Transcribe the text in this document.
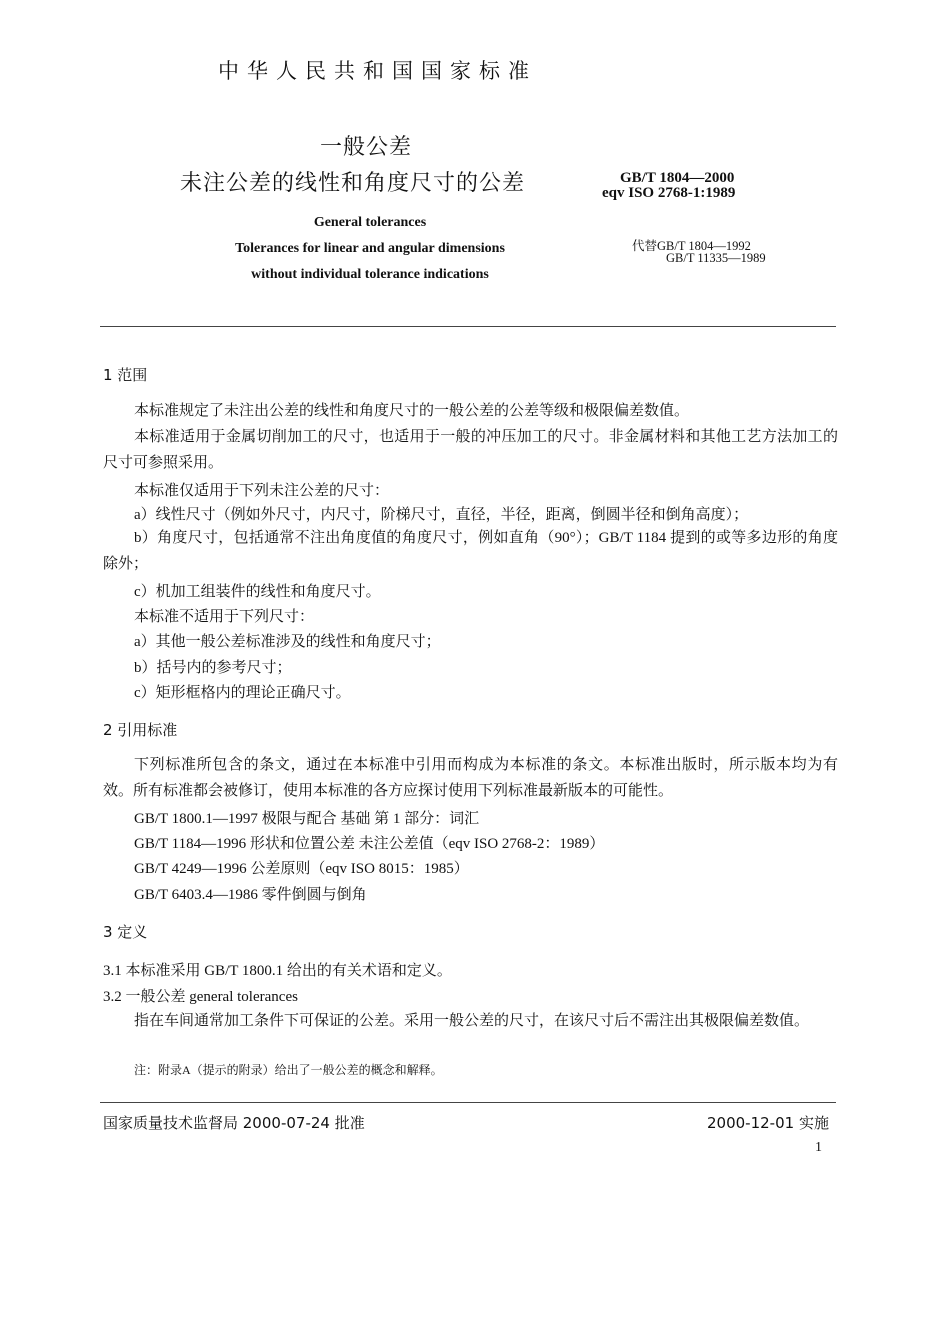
中华人民共和国国家标准
一般公差
未注公差的线性和角度尺寸的公差	GB/T 1804—2000
eqv ISO 2768-1:1989
General tolerances
Tolerances for linear and angular dimensions
without individual tolerance indications
代替GB/T 1804—1992
GB/T 11335—1989
1 范围
本标准规定了未注出公差的线性和角度尺寸的一般公差的公差等级和极限偏差数值。
本标准适用于金属切削加工的尺寸，也适用于一般的冲压加工的尺寸。非金属材料和其他工艺方法加工的尺寸可参照采用。
本标准仅适用于下列未注公差的尺寸：
a）线性尺寸（例如外尺寸，内尺寸，阶梯尺寸，直径，半径，距离，倒圆半径和倒角高度）；
b）角度尺寸，包括通常不注出角度值的角度尺寸，例如直角（90°）；GB/T 1184 提到的或等多边形的角度除外；
c）机加工组装件的线性和角度尺寸。
本标准不适用于下列尺寸：
a）其他一般公差标准涉及的线性和角度尺寸；
b）括号内的参考尺寸；
c）矩形框格内的理论正确尺寸。
2 引用标准
下列标准所包含的条文，通过在本标准中引用而构成为本标准的条文。本标准出版时，所示版本均为有效。所有标准都会被修订，使用本标准的各方应探讨使用下列标准最新版本的可能性。
GB/T 1800.1—1997 极限与配合 基础 第 1 部分：词汇
GB/T 1184—1996 形状和位置公差 未注公差值（eqv ISO 2768-2：1989）
GB/T 4249—1996 公差原则（eqv ISO 8015：1985）
GB/T 6403.4—1986 零件倒圆与倒角
3 定义
3.1 本标准采用 GB/T 1800.1 给出的有关术语和定义。
3.2 一般公差 general tolerances
指在车间通常加工条件下可保证的公差。采用一般公差的尺寸，在该尺寸后不需注出其极限偏差数值。
注：附录A（提示的附录）给出了一般公差的概念和解释。
国家质量技术监督局 2000-07-24 批准	2000-12-01 实施
1
